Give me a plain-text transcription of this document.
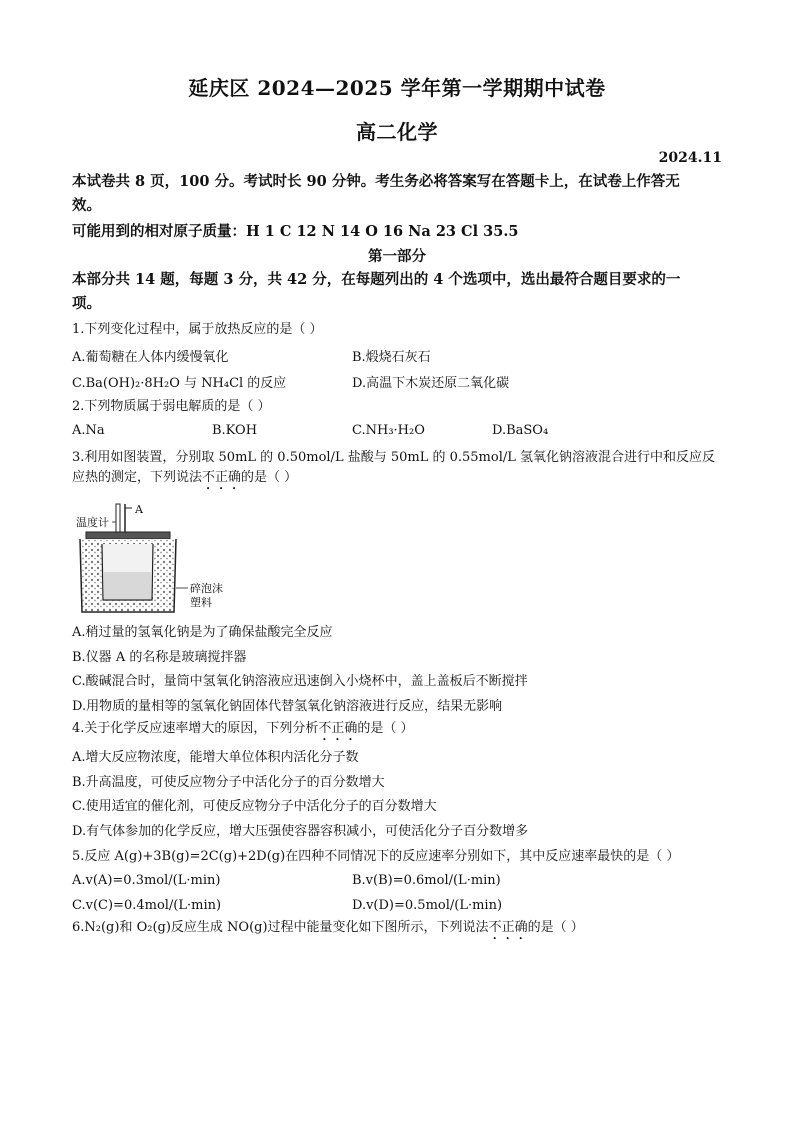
延庆区 2024—2025 学年第一学期期中试卷
高二化学
2024.11
本试卷共 8 页，100 分。考试时长 90 分钟。考生务必将答案写在答题卡上，在试卷上作答无
效。
可能用到的相对原子质量：H 1 C 12 N 14 O 16 Na 23 Cl 35.5
第一部分
本部分共 14 题，每题 3 分，共 42 分，在每题列出的 4 个选项中，选出最符合题目要求的一
项。
1.下列变化过程中，属于放热反应的是（ ）
A.葡萄糖在人体内缓慢氧化	B.煅烧石灰石
C.Ba(OH)₂·8H₂O 与 NH₄Cl 的反应	D.高温下木炭还原二氧化碳
2.下列物质属于弱电解质的是（ ）
A.Na	B.KOH	C.NH₃·H₂O	D.BaSO₄
3.利用如图装置，分别取 50mL 的 0.50mol/L 盐酸与 50mL 的 0.55mol/L 氢氧化钠溶液混合进行中和反应反
应热的测定，下列说法不正确的是（ ）
温度计
A
碎泡沫
塑料
A.稍过量的氢氧化钠是为了确保盐酸完全反应
B.仪器 A 的名称是玻璃搅拌器
C.酸碱混合时，量筒中氢氧化钠溶液应迅速倒入小烧杯中，盖上盖板后不断搅拌
D.用物质的量相等的氢氧化钠固体代替氢氧化钠溶液进行反应，结果无影响
4.关于化学反应速率增大的原因，下列分析不正确的是（ ）
A.增大反应物浓度，能增大单位体积内活化分子数
B.升高温度，可使反应物分子中活化分子的百分数增大
C.使用适宜的催化剂，可使反应物分子中活化分子的百分数增大
D.有气体参加的化学反应，增大压强使容器容积减小，可使活化分子百分数增多
5.反应 A(g)+3B(g)=2C(g)+2D(g)在四种不同情况下的反应速率分别如下，其中反应速率最快的是（ ）
A.v(A)=0.3mol/(L·min)	B.v(B)=0.6mol/(L·min)
C.v(C)=0.4mol/(L·min)	D.v(D)=0.5mol/(L·min)
6.N₂(g)和 O₂(g)反应生成 NO(g)过程中能量变化如下图所示，下列说法不正确的是（ ）
